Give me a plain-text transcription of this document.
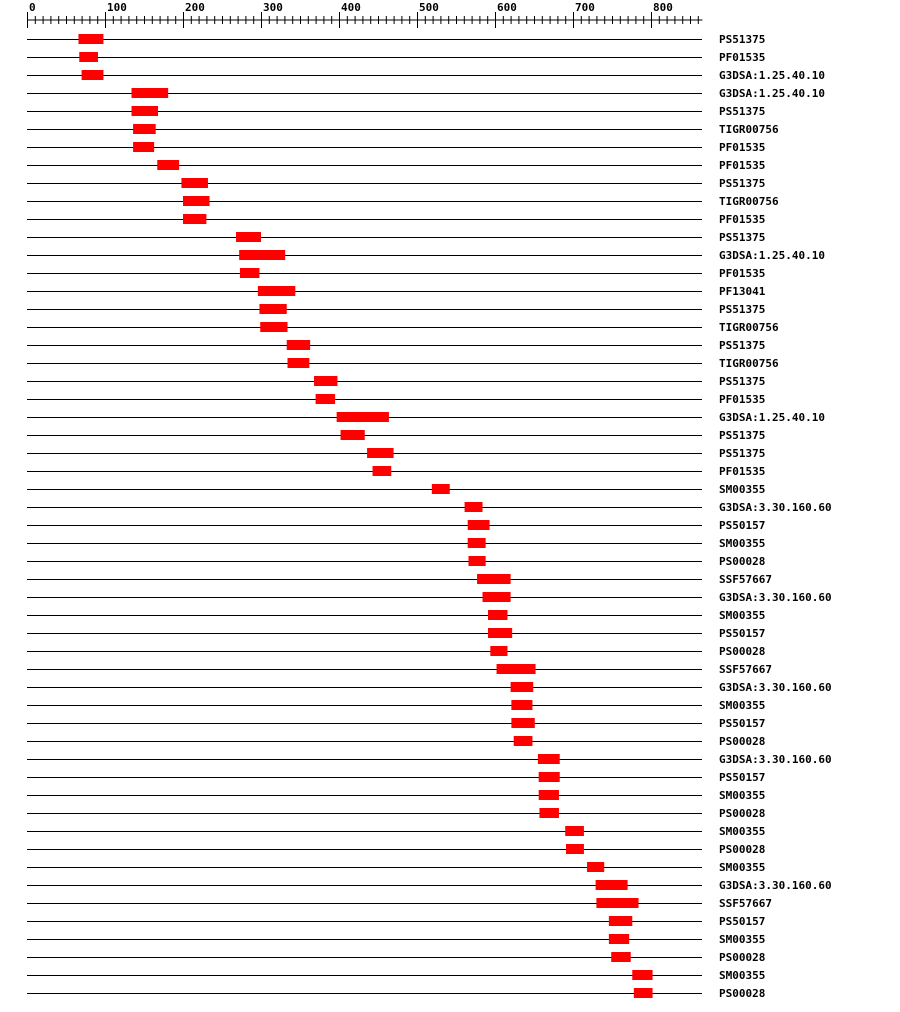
0	100	200	300	400	500	600	700	800
PS51375
PF01535
G3DSA:1.25.40.10
G3DSA:1.25.40.10
PS51375
TIGR00756
PF01535
PF01535
PS51375
TIGR00756
PF01535
PS51375
G3DSA:1.25.40.10
PF01535
PF13041
PS51375
TIGR00756
PS51375
TIGR00756
PS51375
PF01535
G3DSA:1.25.40.10
PS51375
PS51375
PF01535
SM00355
G3DSA:3.30.160.60
PS50157
SM00355
PS00028
SSF57667
G3DSA:3.30.160.60
SM00355
PS50157
PS00028
SSF57667
G3DSA:3.30.160.60
SM00355
PS50157
PS00028
G3DSA:3.30.160.60
PS50157
SM00355
PS00028
SM00355
PS00028
SM00355
G3DSA:3.30.160.60
SSF57667
PS50157
SM00355
PS00028
SM00355
PS00028
